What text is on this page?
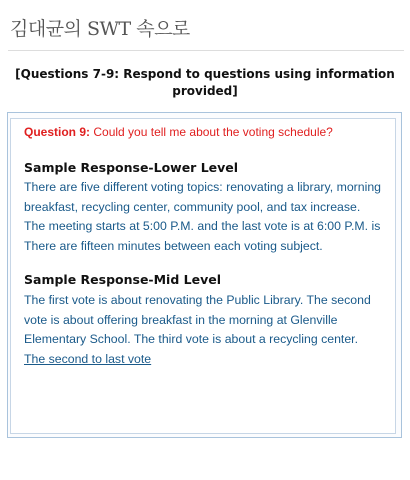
김대균의 SWT 속으로
[Questions 7-9: Respond to questions using information
provided]
Question 9: Could you tell me about the voting schedule?
Sample Response-Lower Level
There are five different voting topics: renovating a library, morning
breakfast, recycling center, community pool, and tax increase.
The meeting starts at 5:00 P.M. and the last vote is at 6:00 P.M. is
There are fifteen minutes between each voting subject.
Sample Response-Mid Level
The first vote is about renovating the Public Library. The second
vote is about offering breakfast in the morning at Glenville
Elementary School. The third vote is about a recycling center.
The second to last vote
